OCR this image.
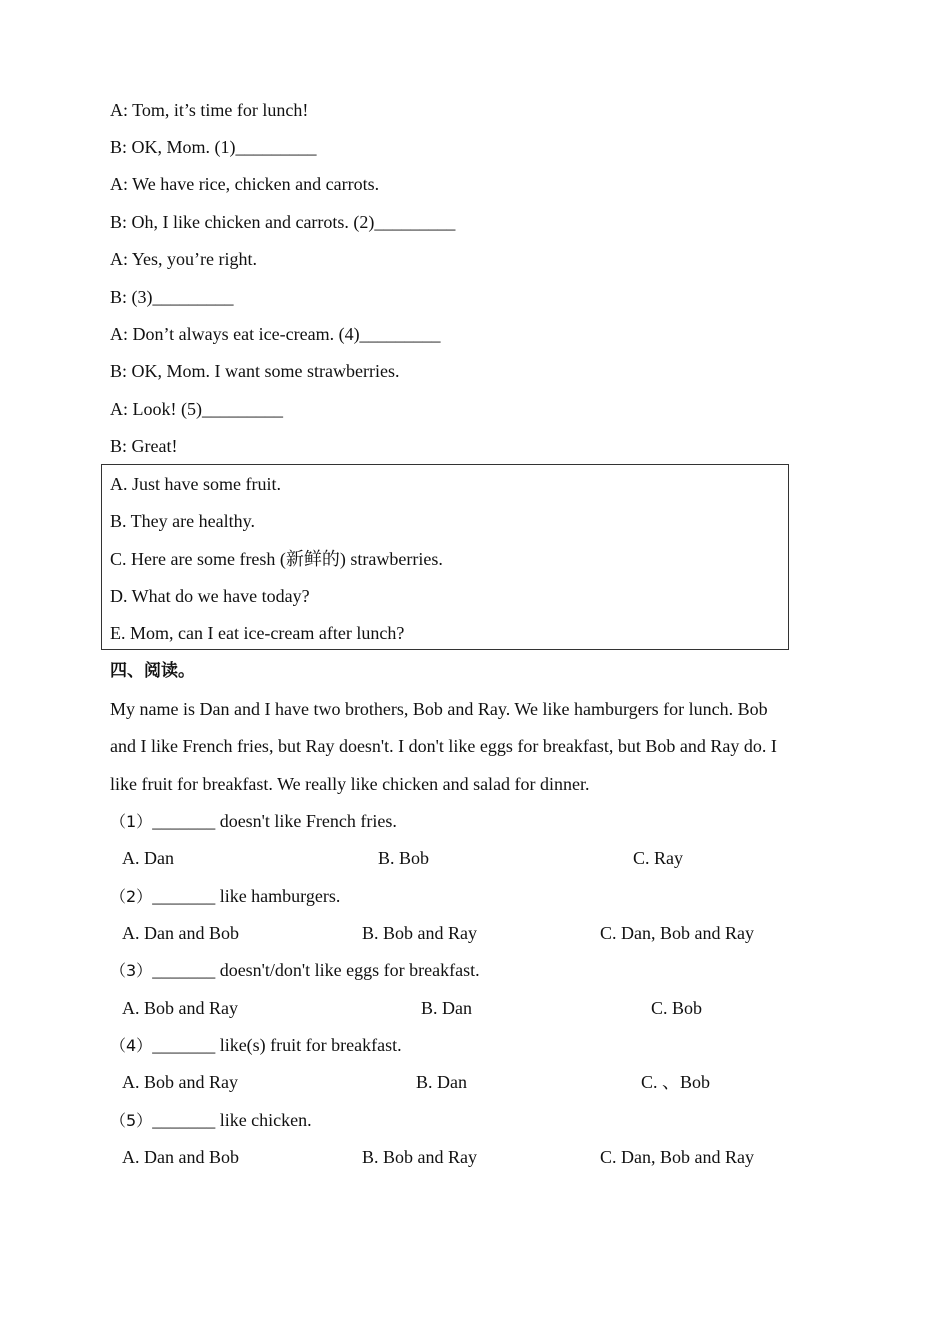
A: Tom, it’s time for lunch!
B: OK, Mom. (1)_________
A: We have rice, chicken and carrots.
B: Oh, I like chicken and carrots. (2)_________
A: Yes, you’re right.
B: (3)_________
A: Don’t always eat ice-cream. (4)_________
B: OK, Mom. I want some strawberries.
A: Look! (5)_________
B: Great!
A. Just have some fruit.
B. They are healthy.
C. Here are some fresh (新鲜的) strawberries.
D. What do we have today?
E. Mom, can I eat ice-cream after lunch?
四、阅读。
My name is Dan and I have two brothers, Bob and Ray. We like hamburgers for lunch. Bob
and I like French fries, but Ray doesn't. I don't like eggs for breakfast, but Bob and Ray do. I
like fruit for breakfast. We really like chicken and salad for dinner.
（1）_______ doesn't like French fries.
A. Dan	B. Bob	C. Ray
（2）_______ like hamburgers.
A. Dan and Bob	B. Bob and Ray	C. Dan, Bob and Ray
（3）_______ doesn't/don't like eggs for breakfast.
A. Bob and Ray	B. Dan	C. Bob
（4）_______ like(s) fruit for breakfast.
A. Bob and Ray	B. Dan	C. 、Bob
（5）_______ like chicken.
A. Dan and Bob	B. Bob and Ray	C. Dan, Bob and Ray
